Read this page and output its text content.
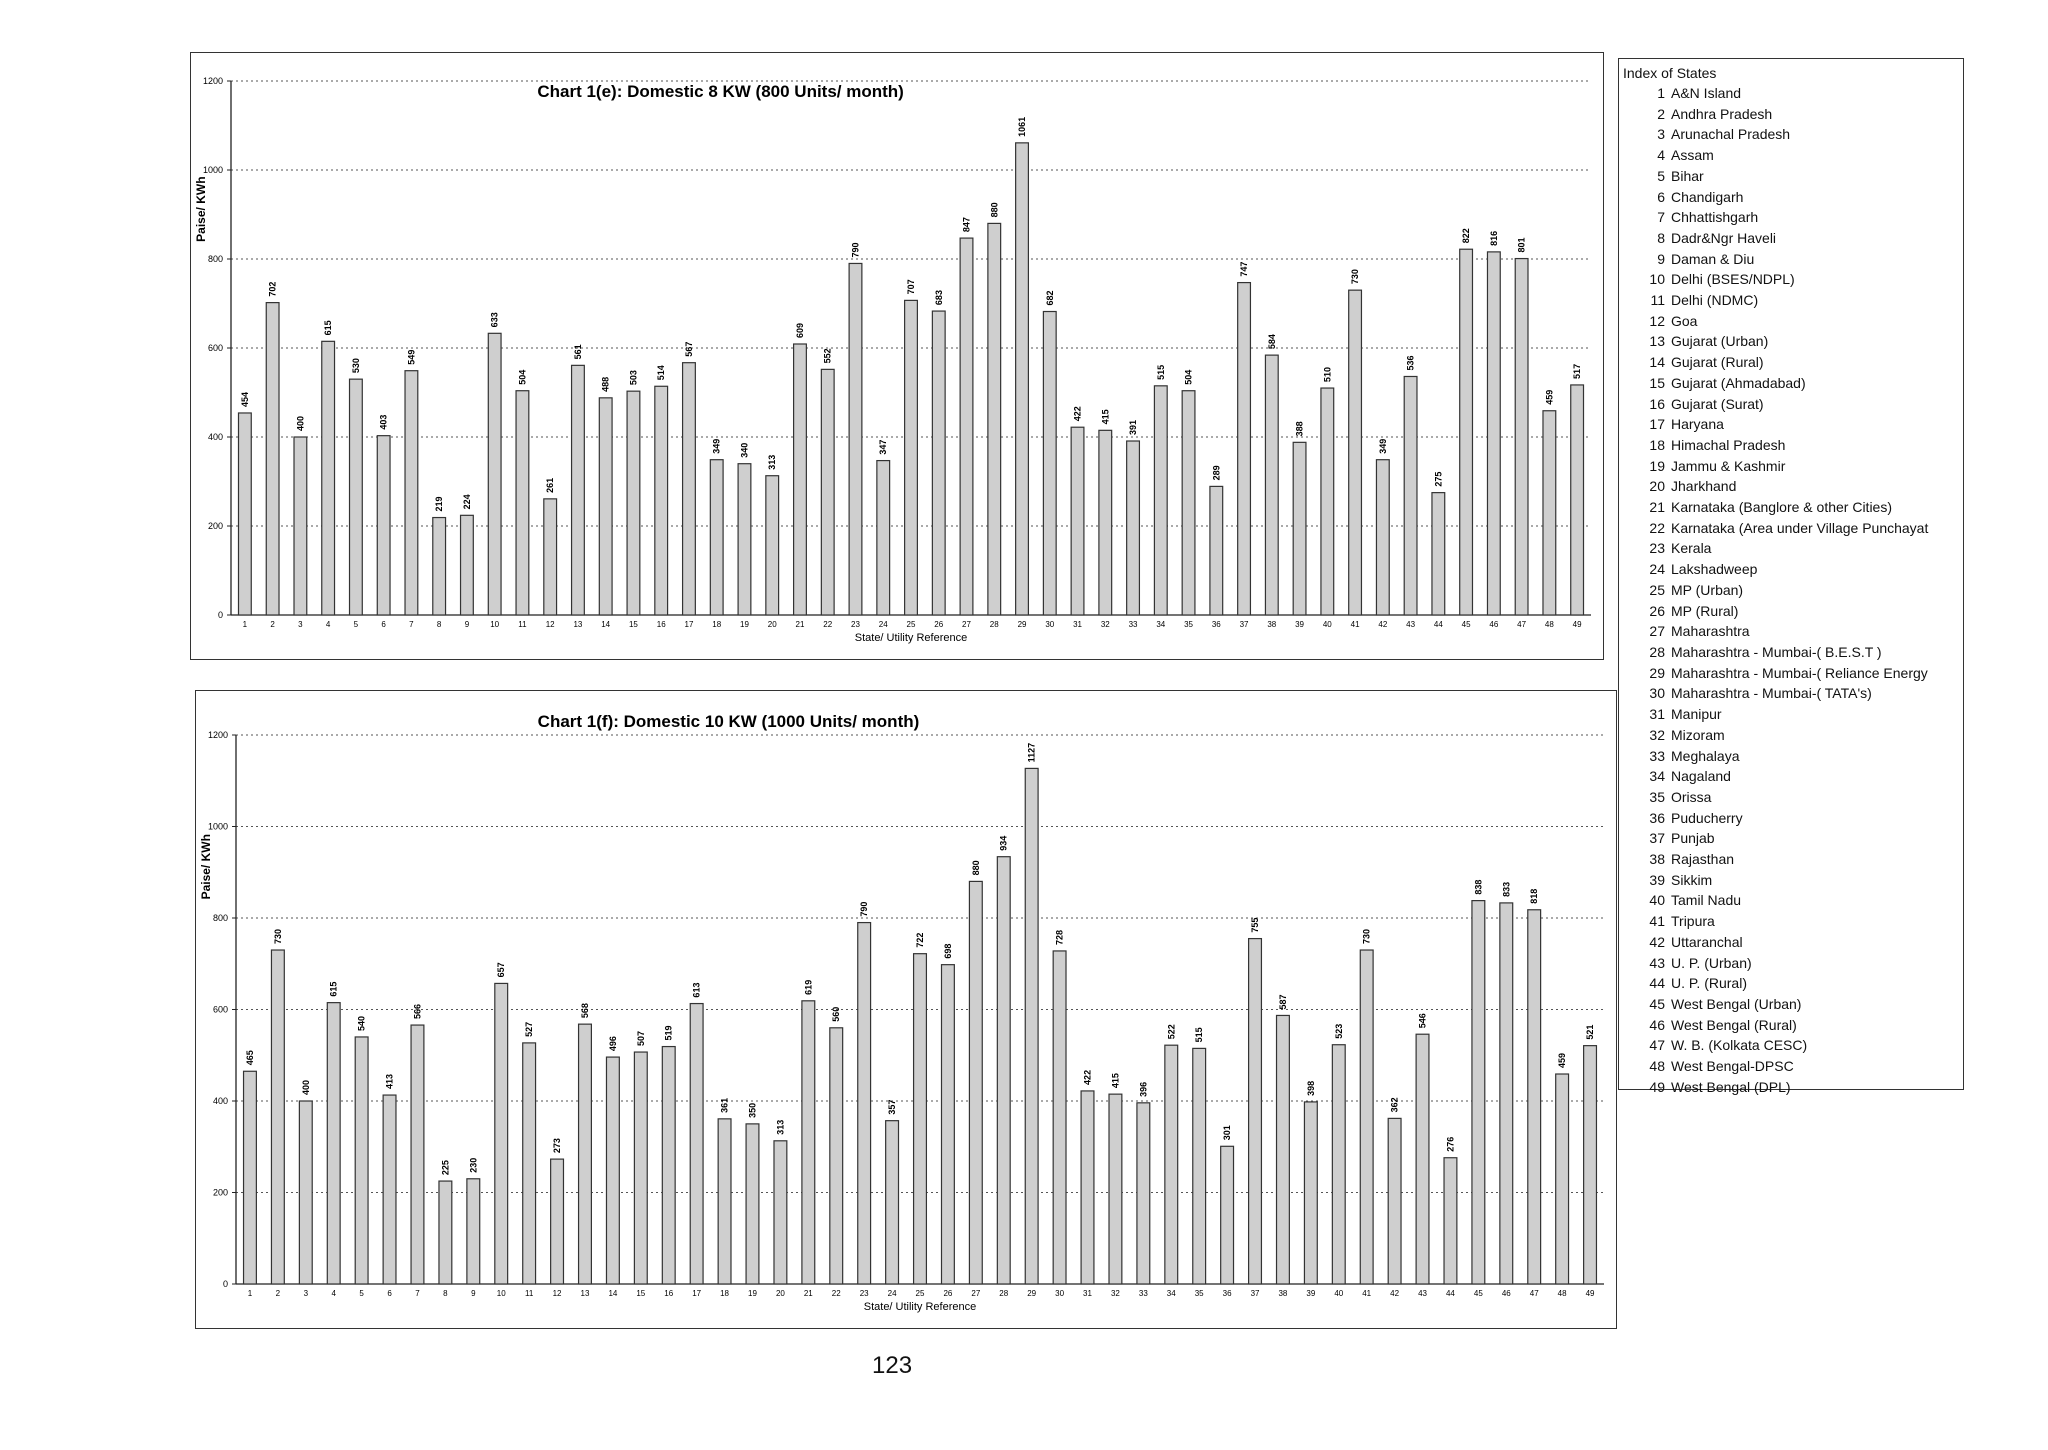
0
200
400
600
800
1000
1200
454
1
702
2
400
3
615
4
530
5
403
6
549
7
219
8
224
9
633
10
504
11
261
12
561
13
488
14
503
15
514
16
567
17
349
18
340
19
313
20
609
21
552
22
790
23
347
24
707
25
683
26
847
27
880
28
1061
29
682
30
422
31
415
32
391
33
515
34
504
35
289
36
747
37
584
38
388
39
510
40
730
41
349
42
536
43
275
44
822
45
816
46
801
47
459
48
517
49
Chart 1(e): Domestic 8 KW (800 Units/ month)
State/ Utility Reference
Paise/ KWh
0
200
400
600
800
1000
1200
465
1
730
2
400
3
615
4
540
5
413
6
566
7
225
8
230
9
657
10
527
11
273
12
568
13
496
14
507
15
519
16
613
17
361
18
350
19
313
20
619
21
560
22
790
23
357
24
722
25
698
26
880
27
934
28
1127
29
728
30
422
31
415
32
396
33
522
34
515
35
301
36
755
37
587
38
398
39
523
40
730
41
362
42
546
43
276
44
838
45
833
46
818
47
459
48
521
49
Chart 1(f): Domestic 10 KW (1000 Units/ month)
State/ Utility Reference
Paise/ KWh

Index of States

1 A&N Island
2 Andhra Pradesh
3 Arunachal Pradesh
4 Assam
5 Bihar
6 Chandigarh
7 Chhattishgarh
8 Dadr&Ngr Haveli
9 Daman & Diu
10 Delhi (BSES/NDPL)
11 Delhi (NDMC)
12 Goa
13 Gujarat (Urban)
14 Gujarat (Rural)
15 Gujarat (Ahmadabad)
16 Gujarat (Surat)
17 Haryana
18 Himachal Pradesh
19 Jammu & Kashmir
20 Jharkhand
21 Karnataka (Banglore & other Cities)
22 Karnataka (Area under Village Punchayat
23 Kerala
24 Lakshadweep
25 MP (Urban)
26 MP (Rural)
27 Maharashtra
28 Maharashtra - Mumbai-( B.E.S.T )
29 Maharashtra - Mumbai-( Reliance Energy
30 Maharashtra - Mumbai-( TATA's)
31 Manipur
32 Mizoram
33 Meghalaya
34 Nagaland
35 Orissa
36 Puducherry
37 Punjab
38 Rajasthan
39 Sikkim
40 Tamil Nadu
41 Tripura
42 Uttaranchal
43 U. P. (Urban)
44 U. P. (Rural)
45 West Bengal (Urban)
46 West Bengal (Rural)
47 W. B. (Kolkata CESC)
48 West Bengal-DPSC
49 West Bengal (DPL)
123
